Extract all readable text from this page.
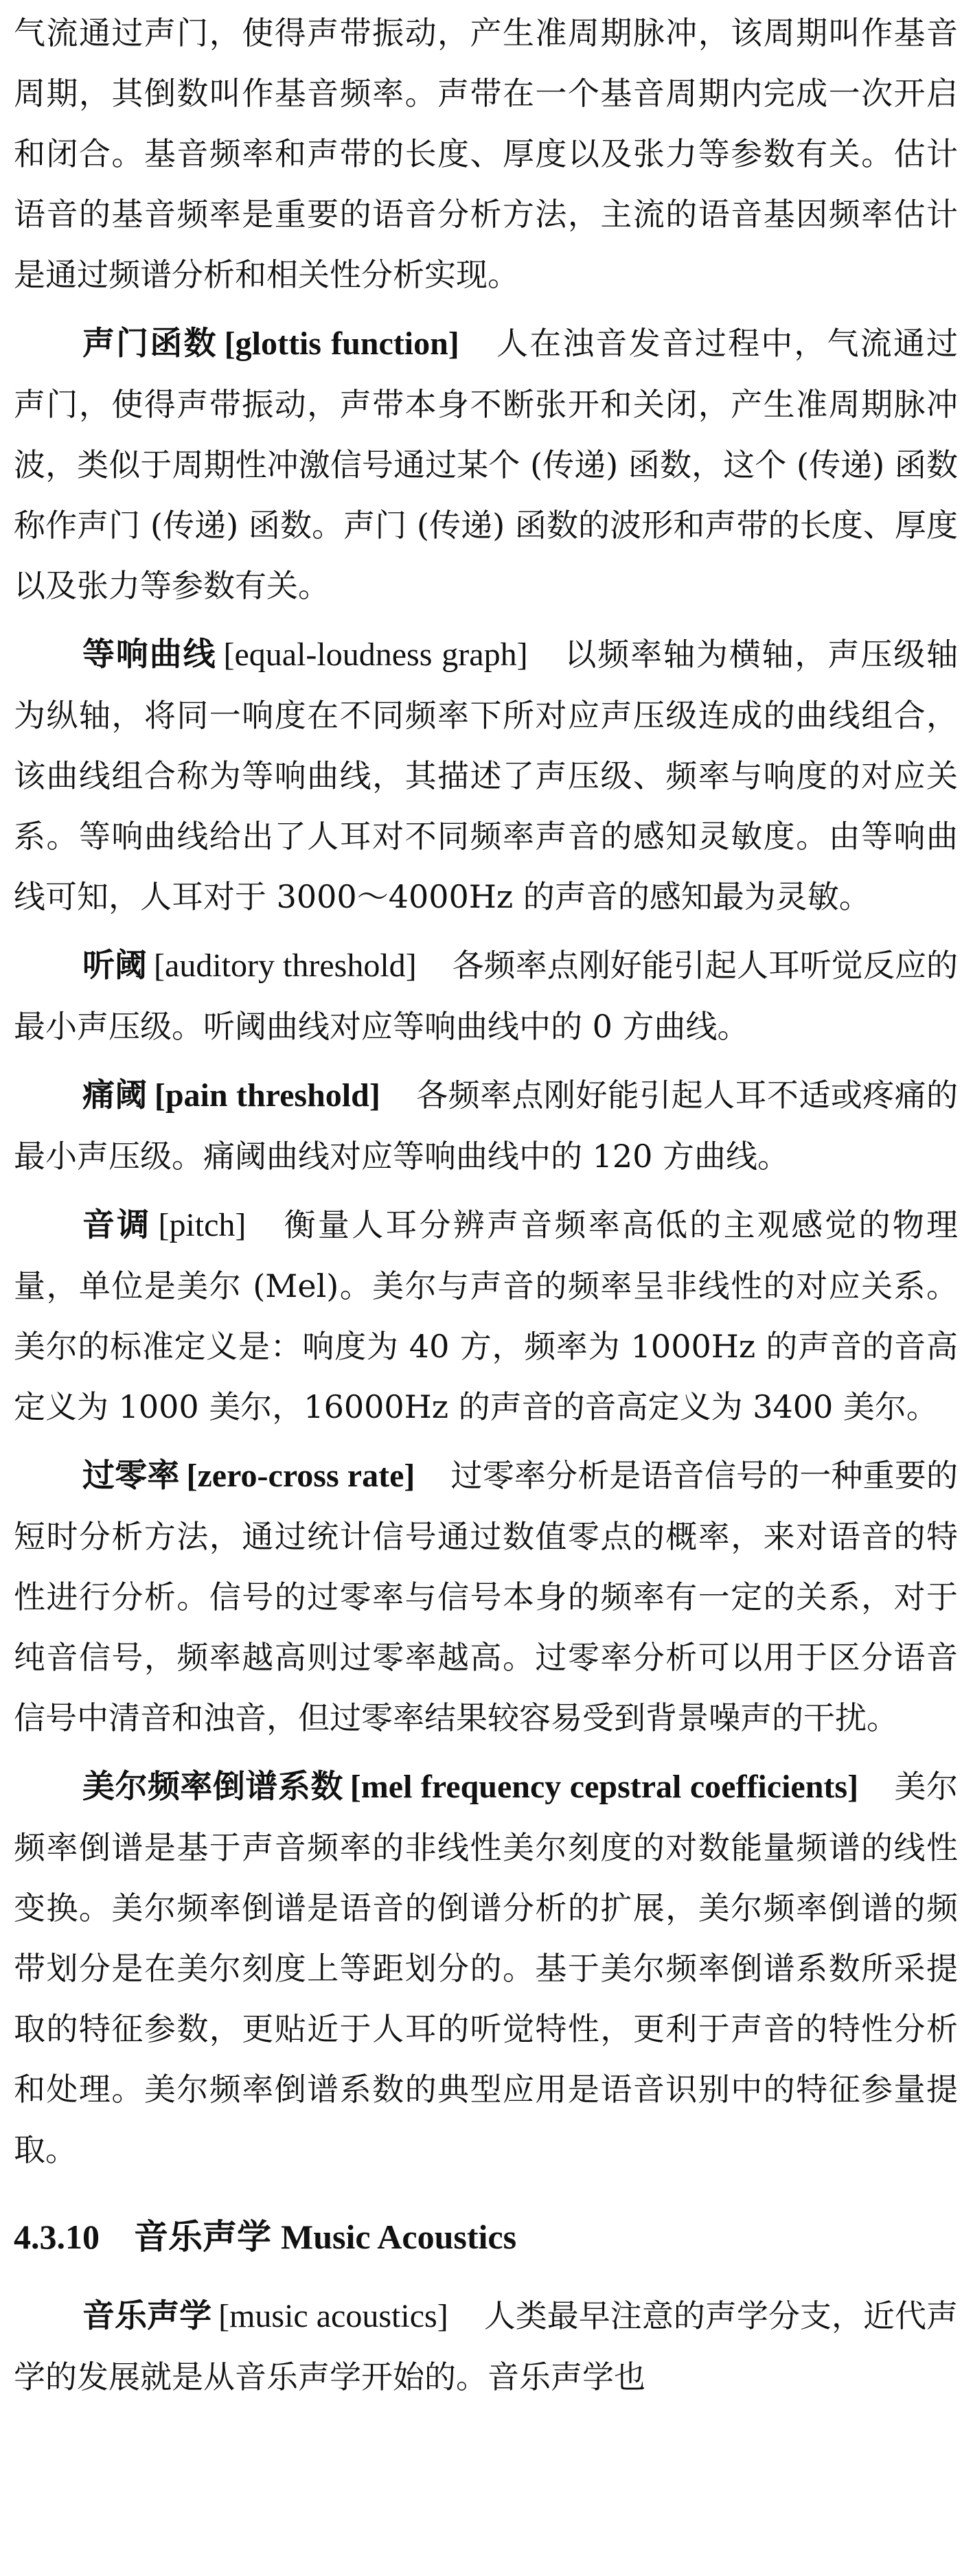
气流通过声门，使得声带振动，产生准周期脉冲，该周期叫作基音周期，其倒数叫作基音频率。声带在一个基音周期内完成一次开启和闭合。基音频率和声带的长度、厚度以及张力等参数有关。估计语音的基音频率是重要的语音分析方法，主流的语音基因频率估计是通过频谱分析和相关性分析实现。

声门函数 [glottis function] 人在浊音发音过程中，气流通过声门，使得声带振动，声带本身不断张开和关闭，产生准周期脉冲波，类似于周期性冲激信号通过某个 (传递) 函数，这个 (传递) 函数称作声门 (传递) 函数。声门 (传递) 函数的波形和声带的长度、厚度以及张力等参数有关。

等响曲线 [equal-loudness graph] 以频率轴为横轴，声压级轴为纵轴，将同一响度在不同频率下所对应声压级连成的曲线组合，该曲线组合称为等响曲线，其描述了声压级、频率与响度的对应关系。等响曲线给出了人耳对不同频率声音的感知灵敏度。由等响曲线可知，人耳对于 3000～4000Hz 的声音的感知最为灵敏。

听阈 [auditory threshold] 各频率点刚好能引起人耳听觉反应的最小声压级。听阈曲线对应等响曲线中的 0 方曲线。

痛阈 [pain threshold] 各频率点刚好能引起人耳不适或疼痛的最小声压级。痛阈曲线对应等响曲线中的 120 方曲线。

音调 [pitch] 衡量人耳分辨声音频率高低的主观感觉的物理量，单位是美尔 (Mel)。美尔与声音的频率呈非线性的对应关系。美尔的标准定义是：响度为 40 方，频率为 1000Hz 的声音的音高定义为 1000 美尔，16000Hz 的声音的音高定义为 3400 美尔。

过零率 [zero-cross rate] 过零率分析是语音信号的一种重要的短时分析方法，通过统计信号通过数值零点的概率，来对语音的特性进行分析。信号的过零率与信号本身的频率有一定的关系，对于纯音信号，频率越高则过零率越高。过零率分析可以用于区分语音信号中清音和浊音，但过零率结果较容易受到背景噪声的干扰。

美尔频率倒谱系数 [mel frequency cepstral coefficients] 美尔频率倒谱是基于声音频率的非线性美尔刻度的对数能量频谱的线性变换。美尔频率倒谱是语音的倒谱分析的扩展，美尔频率倒谱的频带划分是在美尔刻度上等距划分的。基于美尔频率倒谱系数所采提取的特征参数，更贴近于人耳的听觉特性，更利于声音的特性分析和处理。美尔频率倒谱系数的典型应用是语音识别中的特征参量提取。

4.3.10 音乐声学 Music Acoustics

音乐声学 [music acoustics] 人类最早注意的声学分支，近代声学的发展就是从音乐声学开始的。音乐声学也
